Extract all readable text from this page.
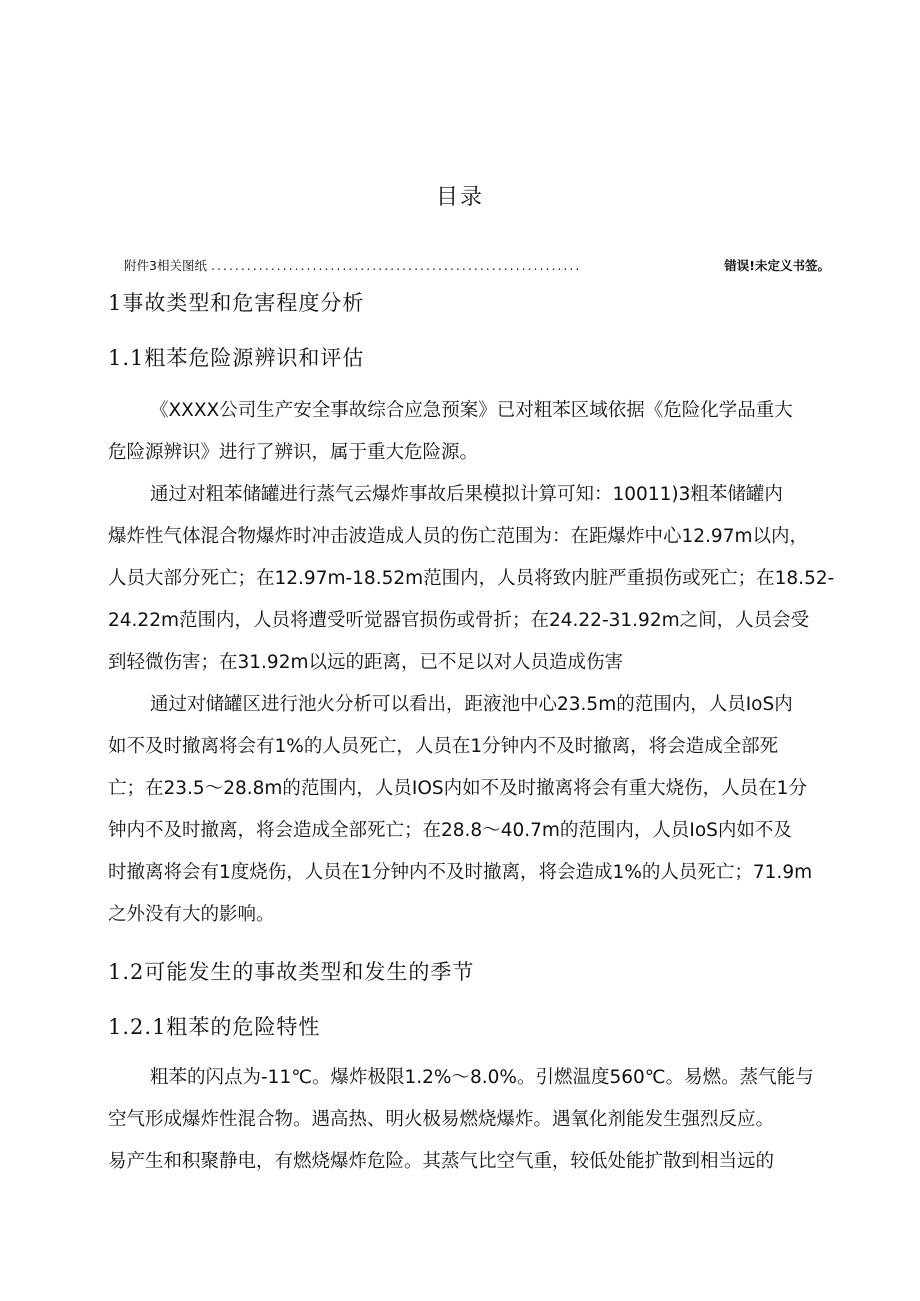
目录
附件3相关图纸 ..............................................................	错误!未定义书签。
1事故类型和危害程度分析
1.1粗苯危险源辨识和评估
《XXXX公司生产安全事故综合应急预案》已对粗苯区域依据《危险化学品重大
危险源辨识》进行了辨识，属于重大危险源。
通过对粗苯储罐进行蒸气云爆炸事故后果模拟计算可知：10011)3粗苯储罐内
爆炸性气体混合物爆炸时冲击波造成人员的伤亡范围为：在距爆炸中心12.97m以内，
人员大部分死亡；在12.97m-18.52m范围内，人员将致内脏严重损伤或死亡；在18.52-
24.22m范围内，人员将遭受听觉器官损伤或骨折；在24.22-31.92m之间，人员会受
到轻微伤害；在31.92m以远的距离，已不足以对人员造成伤害
通过对储罐区进行池火分析可以看出，距液池中心23.5m的范围内，人员IoS内
如不及时撤离将会有1%的人员死亡，人员在1分钟内不及时撤离，将会造成全部死
亡；在23.5〜28.8m的范围内，人员IOS内如不及时撤离将会有重大烧伤，人员在1分
钟内不及时撤离，将会造成全部死亡；在28.8〜40.7m的范围内，人员IoS内如不及
时撤离将会有1度烧伤，人员在1分钟内不及时撤离，将会造成1%的人员死亡；71.9m
之外没有大的影响。
1.2可能发生的事故类型和发生的季节
1.2.1粗苯的危险特性
粗苯的闪点为-11℃。爆炸极限1.2%〜8.0%。引燃温度560℃。易燃。蒸气能与
空气形成爆炸性混合物。遇高热、明火极易燃烧爆炸。遇氧化剂能发生强烈反应。
易产生和积聚静电，有燃烧爆炸危险。其蒸气比空气重，较低处能扩散到相当远的
